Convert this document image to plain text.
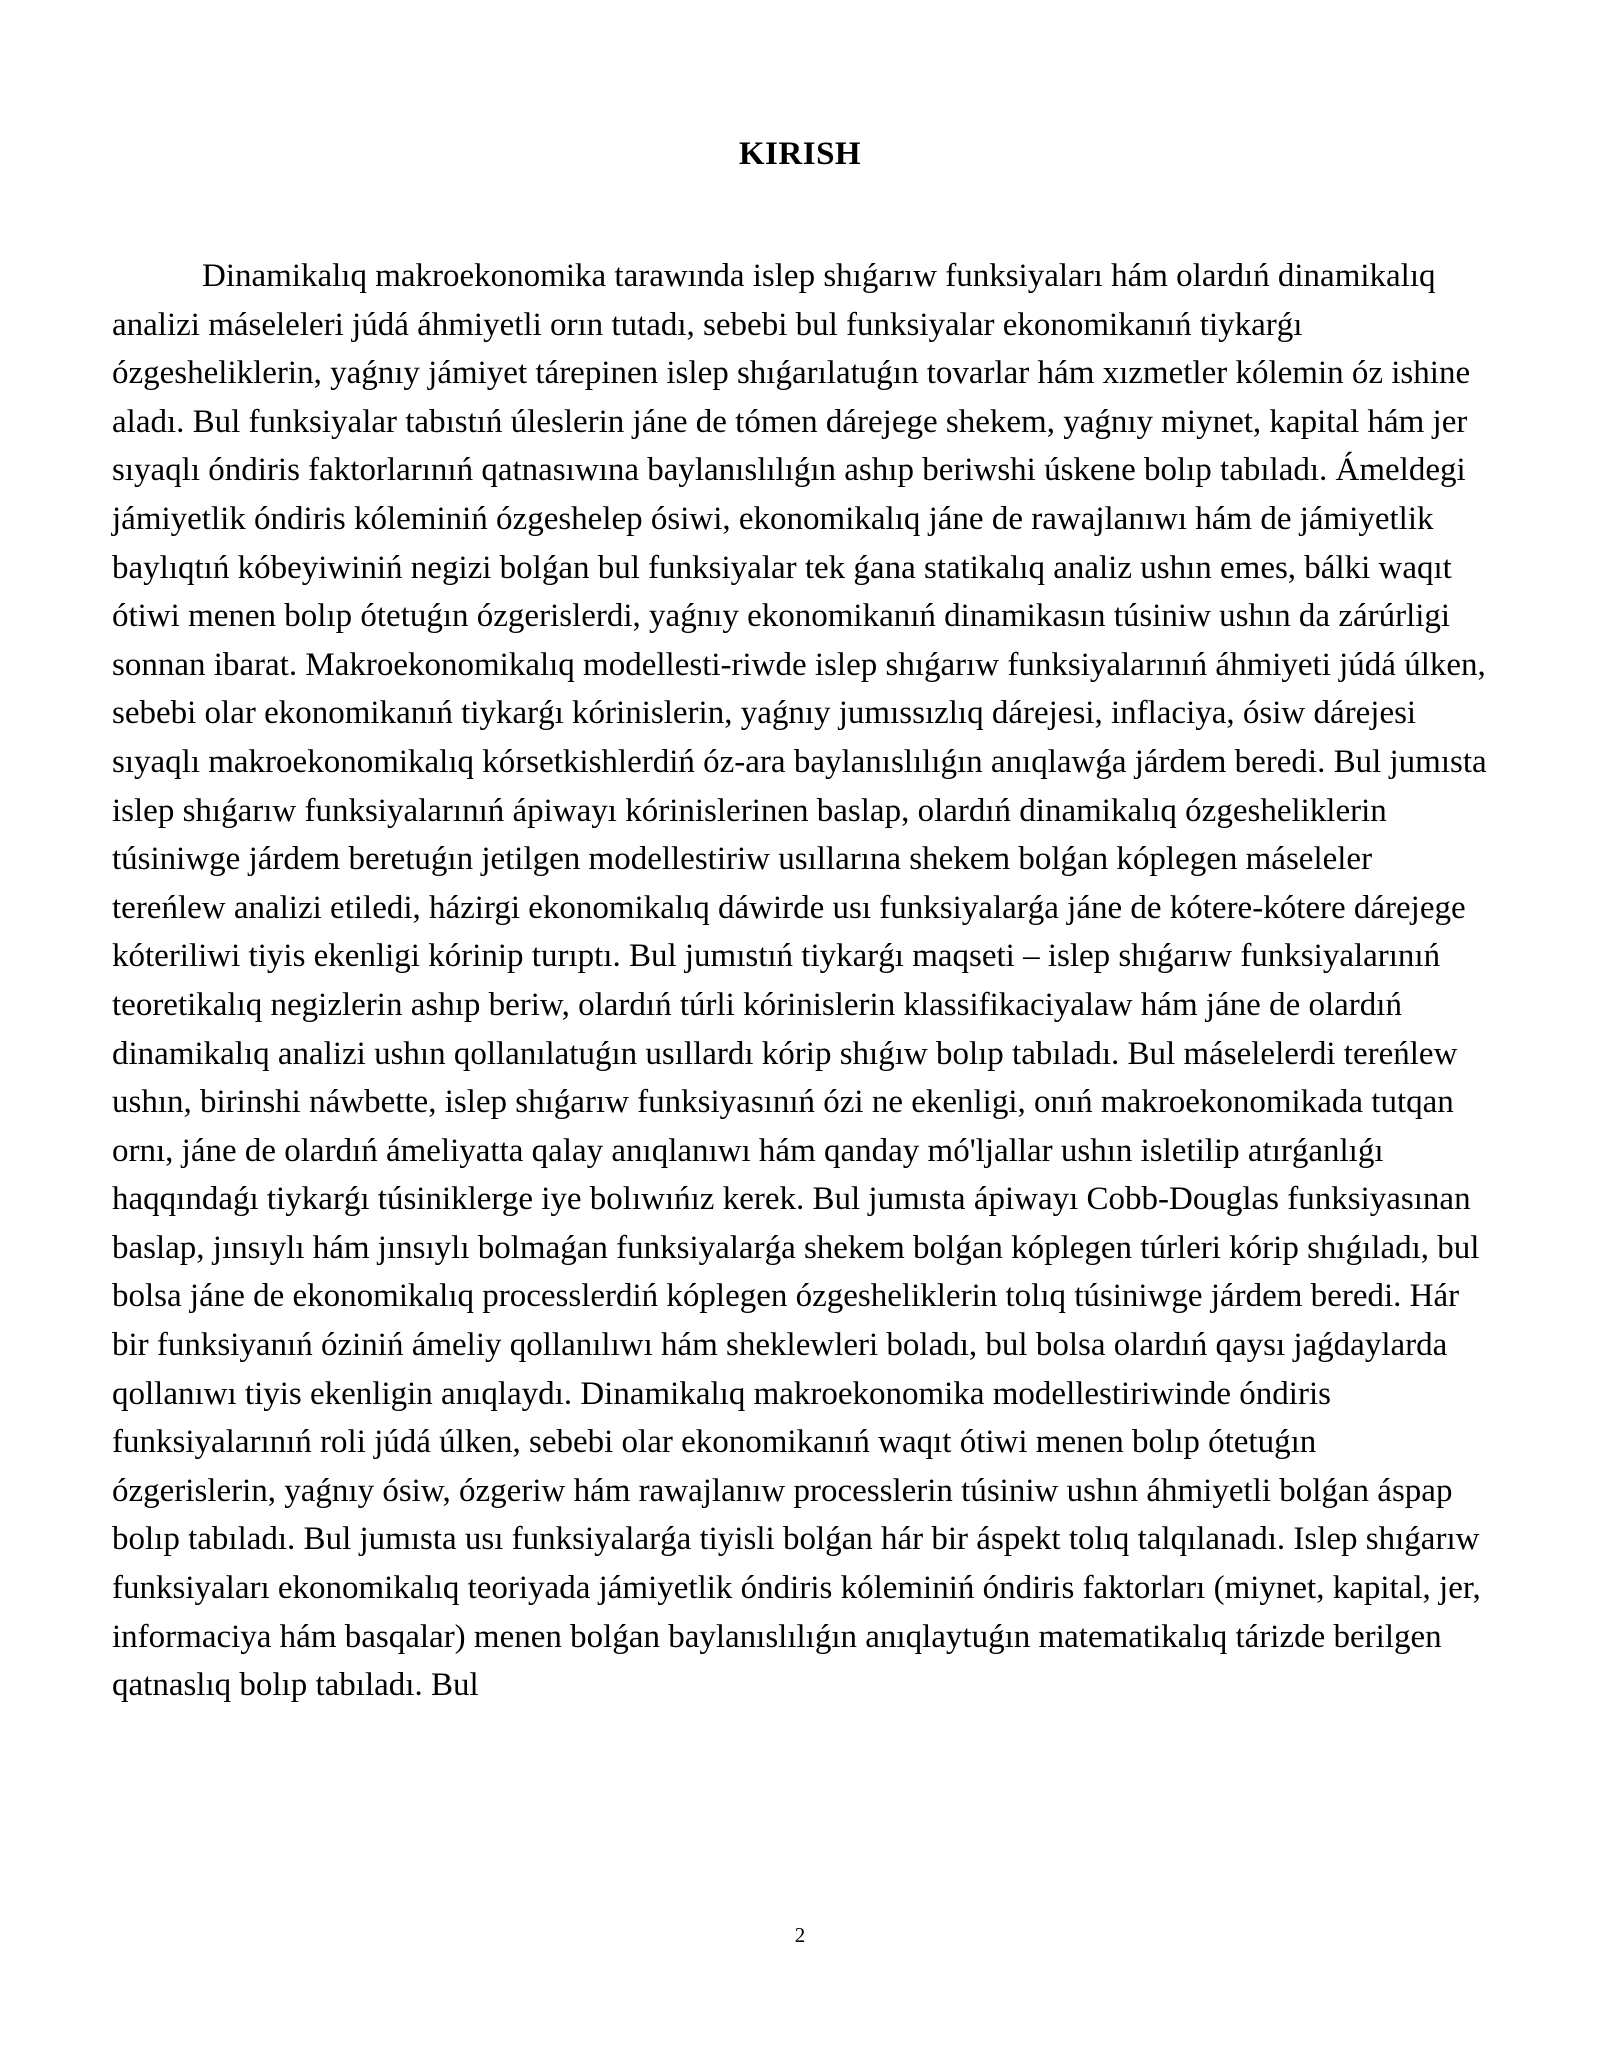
KIRISH

Dinamikalıq makroekonomika tarawında islep shıǵarıw funksiyaları hám olardıń dinamikalıq analizi máseleleri júdá áhmiyetli orın tutadı, sebebi bul funksiyalar ekonomikanıń tiykarǵı ózgesheliklerin, yaǵnıy jámiyet tárepinen islep shıǵarılatuǵın tovarlar hám xızmetler kólemin óz ishine aladı. Bul funksiyalar tabıstıń úleslerin jáne de tómen dárejege shekem, yaǵnıy miynet, kapital hám jer sıyaqlı óndiris faktorlarınıń qatnasıwına baylanıslılıǵın ashıp beriwshi úskene bolıp tabıladı. Ámeldegi jámiyetlik óndiris kóleminiń ózgeshelep ósiwi, ekonomikalıq jáne de rawajlanıwı hám de jámiyetlik baylıqtıń kóbeyiwiniń negizi bolǵan bul funksiyalar tek ǵana statikalıq analiz ushın emes, bálki waqıt ótiwi menen bolıp ótetuǵın ózgerislerdi, yaǵnıy ekonomikanıń dinamikasın túsiniw ushın da zárúrligi sonnan ibarat. Makroekonomikalıq modellesti-riwde islep shıǵarıw funksiyalarınıń áhmiyeti júdá úlken, sebebi olar ekonomikanıń tiykarǵı kórinislerin, yaǵnıy jumıssızlıq dárejesi, inflaciya, ósiw dárejesi sıyaqlı makroekonomikalıq kórsetkishlerdiń óz-ara baylanıslılıǵın anıqlawǵa járdem beredi. Bul jumısta islep shıǵarıw funksiyalarınıń ápiwayı kórinislerinen baslap, olardıń dinamikalıq ózgesheliklerin túsiniwge járdem beretuǵın jetilgen modellestiriw usıllarına shekem bolǵan kóplegen máseleler tereńlew analizi etiledi, házirgi ekonomikalıq dáwirde usı funksiyalarǵa jáne de kótere-kótere dárejege kóteriliwi tiyis ekenligi kórinip turıptı. Bul jumıstıń tiykarǵı maqseti – islep shıǵarıw funksiyalarınıń teoretikalıq negizlerin ashıp beriw, olardıń túrli kórinislerin klassifikaciyalaw hám jáne de olardıń dinamikalıq analizi ushın qollanılatuǵın usıllardı kórip shıǵıw bolıp tabıladı. Bul máselelerdi tereńlew ushın, birinshi náwbette, islep shıǵarıw funksiyasınıń ózi ne ekenligi, onıń makroekonomikada tutqan ornı, jáne de olardıń ámeliyatta qalay anıqlanıwı hám qanday mó'ljallar ushın isletilip atırǵanlıǵı haqqındaǵı tiykarǵı túsiniklerge iye bolıwıńız kerek. Bul jumısta ápiwayı Cobb-Douglas funksiyasınan baslap, jınsıylı hám jınsıylı bolmaǵan funksiyalarǵa shekem bolǵan kóplegen túrleri kórip shıǵıladı, bul bolsa jáne de ekonomikalıq processlerdiń kóplegen ózgesheliklerin tolıq túsiniwge járdem beredi. Hár bir funksiyanıń óziniń ámeliy qollanılıwı hám sheklewleri boladı, bul bolsa olardıń qaysı jaǵdaylarda qollanıwı tiyis ekenligin anıqlaydı. Dinamikalıq makroekonomika modellestiriwinde óndiris funksiyalarınıń roli júdá úlken, sebebi olar ekonomikanıń waqıt ótiwi menen bolıp ótetuǵın ózgerislerin, yaǵnıy ósiw, ózgeriw hám rawajlanıw processlerin túsiniw ushın áhmiyetli bolǵan áspap bolıp tabıladı. Bul jumısta usı funksiyalarǵa tiyisli bolǵan hár bir áspekt tolıq talqılanadı. Islep shıǵarıw funksiyaları ekonomikalıq teoriyada jámiyetlik óndiris kóleminiń óndiris faktorları (miynet, kapital, jer, informaciya hám basqalar) menen bolǵan baylanıslılıǵın anıqlaytuǵın matematikalıq tárizde berilgen qatnaslıq bolıp tabıladı. Bul

2
